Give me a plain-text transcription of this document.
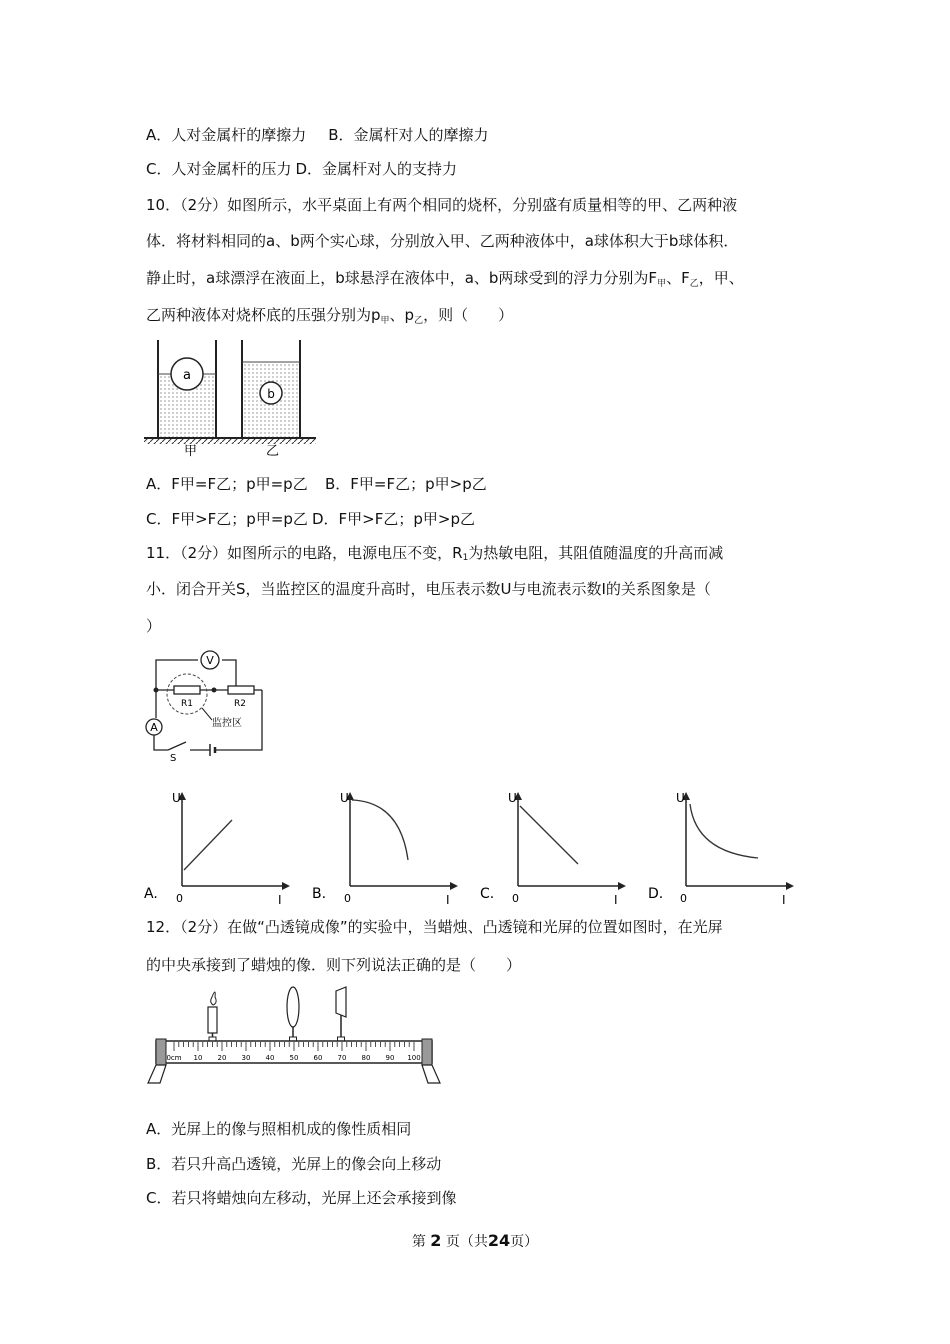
A．人对金属杆的摩擦力 B．金属杆对人的摩擦力
C．人对金属杆的压力 D．金属杆对人的支持力
10．（2分）如图所示，水平桌面上有两个相同的烧杯，分别盛有质量相等的甲、乙两种液
体．将材料相同的a、b两个实心球，分别放入甲、乙两种液体中，a球体积大于b球体积．
静止时，a球漂浮在液面上，b球悬浮在液体中，a、b两球受到的浮力分别为$F_甲$、$F_乙$，甲、
乙两种液体对烧杯底的压强分别为$p_甲$、$p_乙$，则（　　）
a
b
甲	乙
A．F甲=F乙；p甲=p乙 B．F甲=F乙；p甲>p乙
C．F甲>F乙；p甲=p乙 D．F甲>F乙；p甲>p乙
11．（2分）如图所示的电路，电源电压不变，$R_1$为热敏电阻，其阻值随温度的升高而减
小．闭合开关S，当监控区的温度升高时，电压表示数U与电流表示数I的关系图象是（
）
V
R1	R2
监控区
A
S
U
I
0
A.
U
I
0
B.
U
I
0
C.
U
I
0
D.
12．（2分）在做“凸透镜成像”的实验中，当蜡烛、凸透镜和光屏的位置如图时，在光屏
的中央承接到了蜡烛的像．则下列说法正确的是（　　）
0cm 10 20 30 40 50 60 70 80 90 100
A．光屏上的像与照相机成的像性质相同
B．若只升高凸透镜，光屏上的像会向上移动
C．若只将蜡烛向左移动，光屏上还会承接到像
第 2 页（共24页）
